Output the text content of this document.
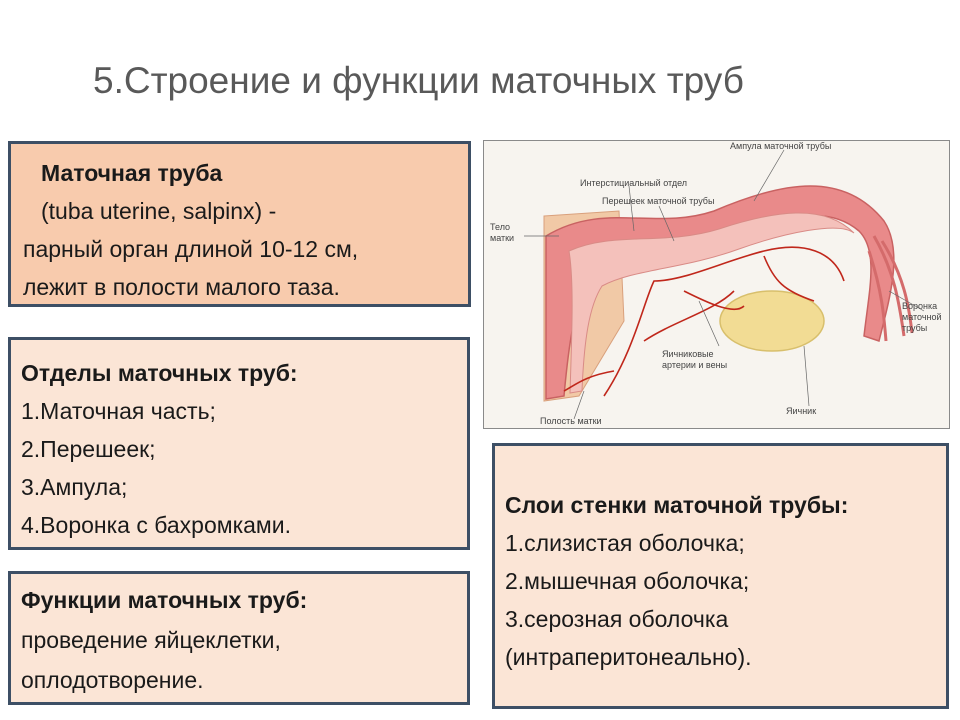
5.Строение и функции маточных труб
Маточная труба
(tuba uterine, salpinx) -
парный орган длиной 10-12 см,
лежит в полости малого таза.
Отделы маточных труб:
1.Маточная часть;
2.Перешеек;
3.Ампула;
4.Воронка с бахромками.
Функции маточных труб:
проведение яйцеклетки,
оплодотворение.
Слои стенки маточной трубы:
1.слизистая оболочка;
2.мышечная оболочка;
3.серозная оболочка
(интраперитонеально).
Ампула маточной трубы
Интерстициальный отдел
Перешеек маточной трубы
Тело
матки
Воронка
маточной
трубы
Яичниковые
артерии и вены
Яичник
Полость матки
